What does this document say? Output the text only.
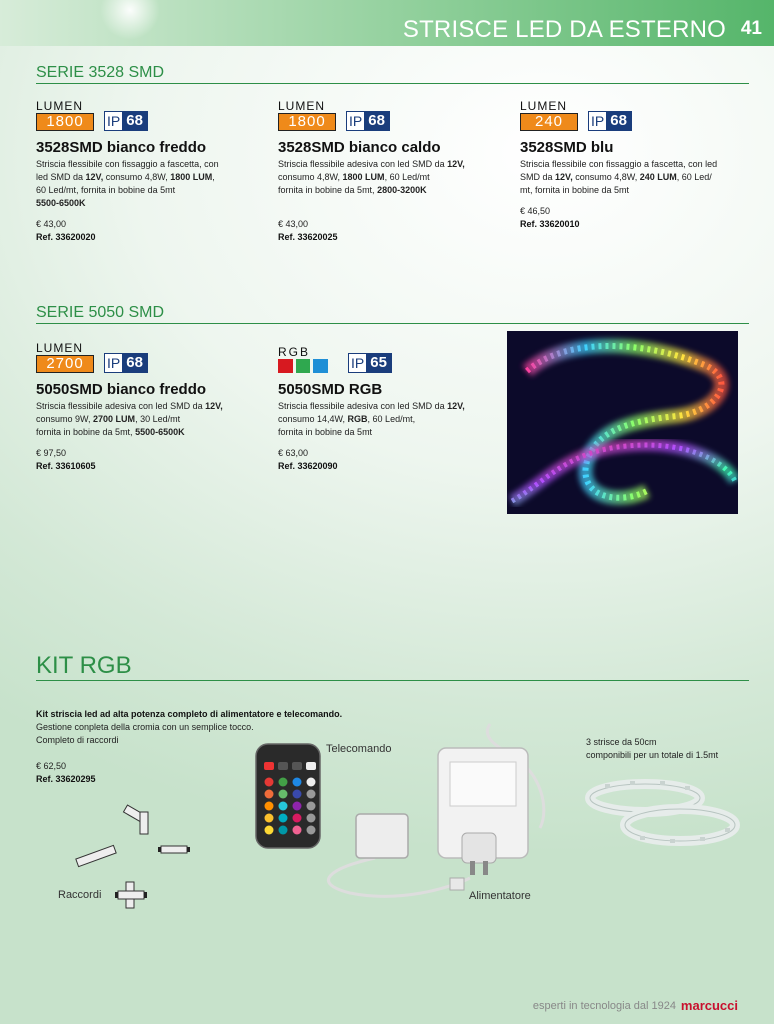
STRISCE LED DA ESTERNO 41
SERIE 3528 SMD
LUMEN
1800	IP 68
3528SMD bianco freddo
Striscia flessibile con fissaggio a fascetta, con
led SMD da 12V, consumo 4,8W, 1800 LUM,
60 Led/mt, fornita in bobine da 5mt
5500-6500K
€ 43,00
Ref. 33620020
LUMEN
1800	IP 68
3528SMD bianco caldo
Striscia flessibile adesiva con led SMD da 12V,
consumo 4,8W, 1800 LUM, 60 Led/mt
fornita in bobine da 5mt, 2800-3200K
€ 43,00
Ref. 33620025
LUMEN
240	IP 68
3528SMD blu
Striscia flessibile con fissaggio a fascetta, con led
SMD da 12V, consumo 4,8W, 240 LUM, 60 Led/
mt, fornita in bobine da 5mt
€ 46,50
Ref. 33620010
SERIE 5050 SMD
LUMEN
2700	IP 68
5050SMD bianco freddo
Striscia flessibile adesiva con led SMD da 12V,
consumo 9W, 2700 LUM, 30 Led/mt
fornita in bobine da 5mt, 5500-6500K
€ 97,50
Ref. 33610605
RGB
IP 65
5050SMD RGB
Striscia flessibile adesiva con led SMD da 12V,
consumo 14,4W, RGB, 60 Led/mt,
fornita in bobine da 5mt
€ 63,00
Ref. 33620090
KIT RGB
Kit striscia led ad alta potenza completo di alimentatore e telecomando.
Gestione conpleta della cromia con un semplice tocco.
Completo di raccordi
€ 62,50
Ref. 33620295
Telecomando
3 strisce da 50cm
componibili per un totale di 1.5mt
Raccordi	Alimentatore
esperti in tecnologia dal 1924 marcucci
